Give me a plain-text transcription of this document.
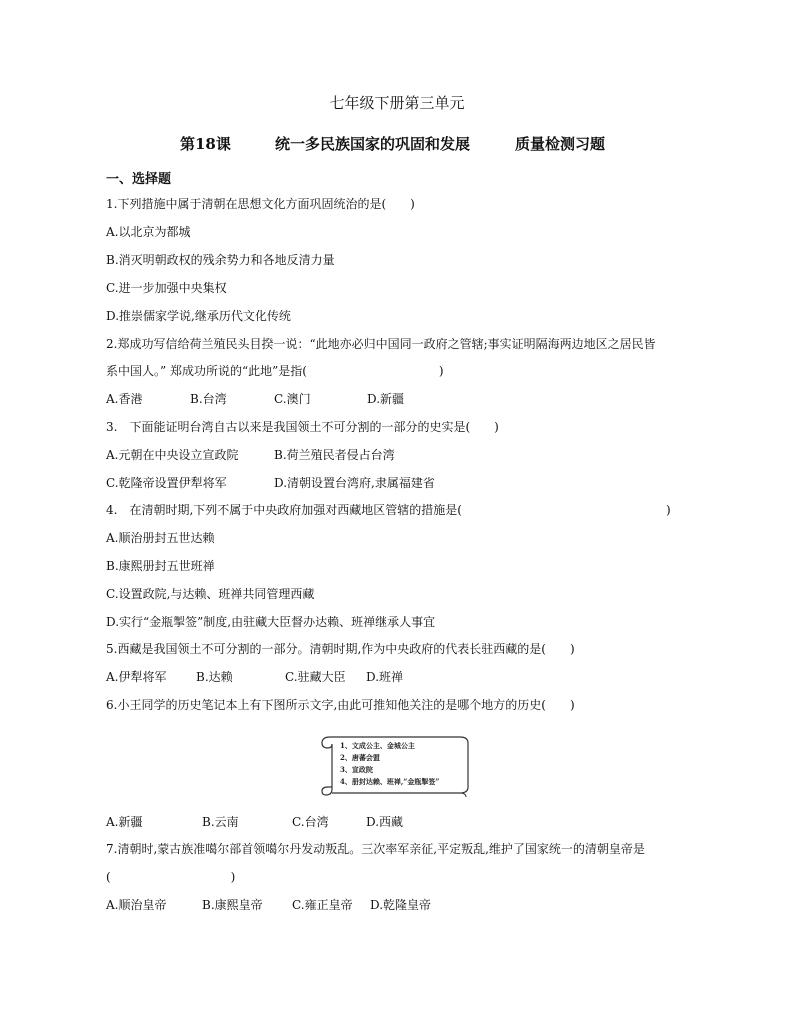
七年级下册第三单元
第18课	统一多民族国家的巩固和发展	质量检测习题
一、选择题
1.下列措施中属于清朝在思想文化方面巩固统治的是(　　)
A.以北京为都城
B.消灭明朝政权的残余势力和各地反清力量
C.进一步加强中央集权
D.推崇儒家学说,继承历代文化传统
2.郑成功写信给荷兰殖民头目揆一说：“此地亦必归中国同一政府之管辖;事实证明隔海两边地区之居民皆
系中国人。” 郑成功所说的“此地”是指(　　　　　　　　　　　)
A.香港	B.台湾	C.澳门	D.新疆
3.　下面能证明台湾自古以来是我国领土不可分割的一部分的史实是(　　)
A.元朝在中央设立宣政院	B.荷兰殖民者侵占台湾
C.乾隆帝设置伊犁将军	D.清朝设置台湾府,隶属福建省
4.　在清朝时期,下列不属于中央政府加强对西藏地区管辖的措施是(　　　　　　　　　　　　　　　　　)
A.顺治册封五世达赖
B.康熙册封五世班禅
C.设置政院,与达赖、班禅共同管理西藏
D.实行“金瓶掣签”制度,由驻藏大臣督办达赖、班禅继承人事宜
5.西藏是我国领土不可分割的一部分。清朝时期,作为中央政府的代表长驻西藏的是(　　)
A.伊犁将军 B.达赖	C.驻藏大臣 D.班禅
6.小王同学的历史笔记本上有下图所示文字,由此可推知他关注的是哪个地方的历史(　　)
1、文成公主、金城公主
2、唐蕃会盟
3、宣政院
4、册封达赖、班禅,“金瓶掣签”
A.新疆	B.云南	C.台湾	D.西藏
7.清朝时,蒙古族准噶尔部首领噶尔丹发动叛乱。三次率军亲征,平定叛乱,维护了国家统一的清朝皇帝是
(　　　　　　　　　　)
A.顺治皇帝	B.康熙皇帝 C.雍正皇帝 D.乾隆皇帝
